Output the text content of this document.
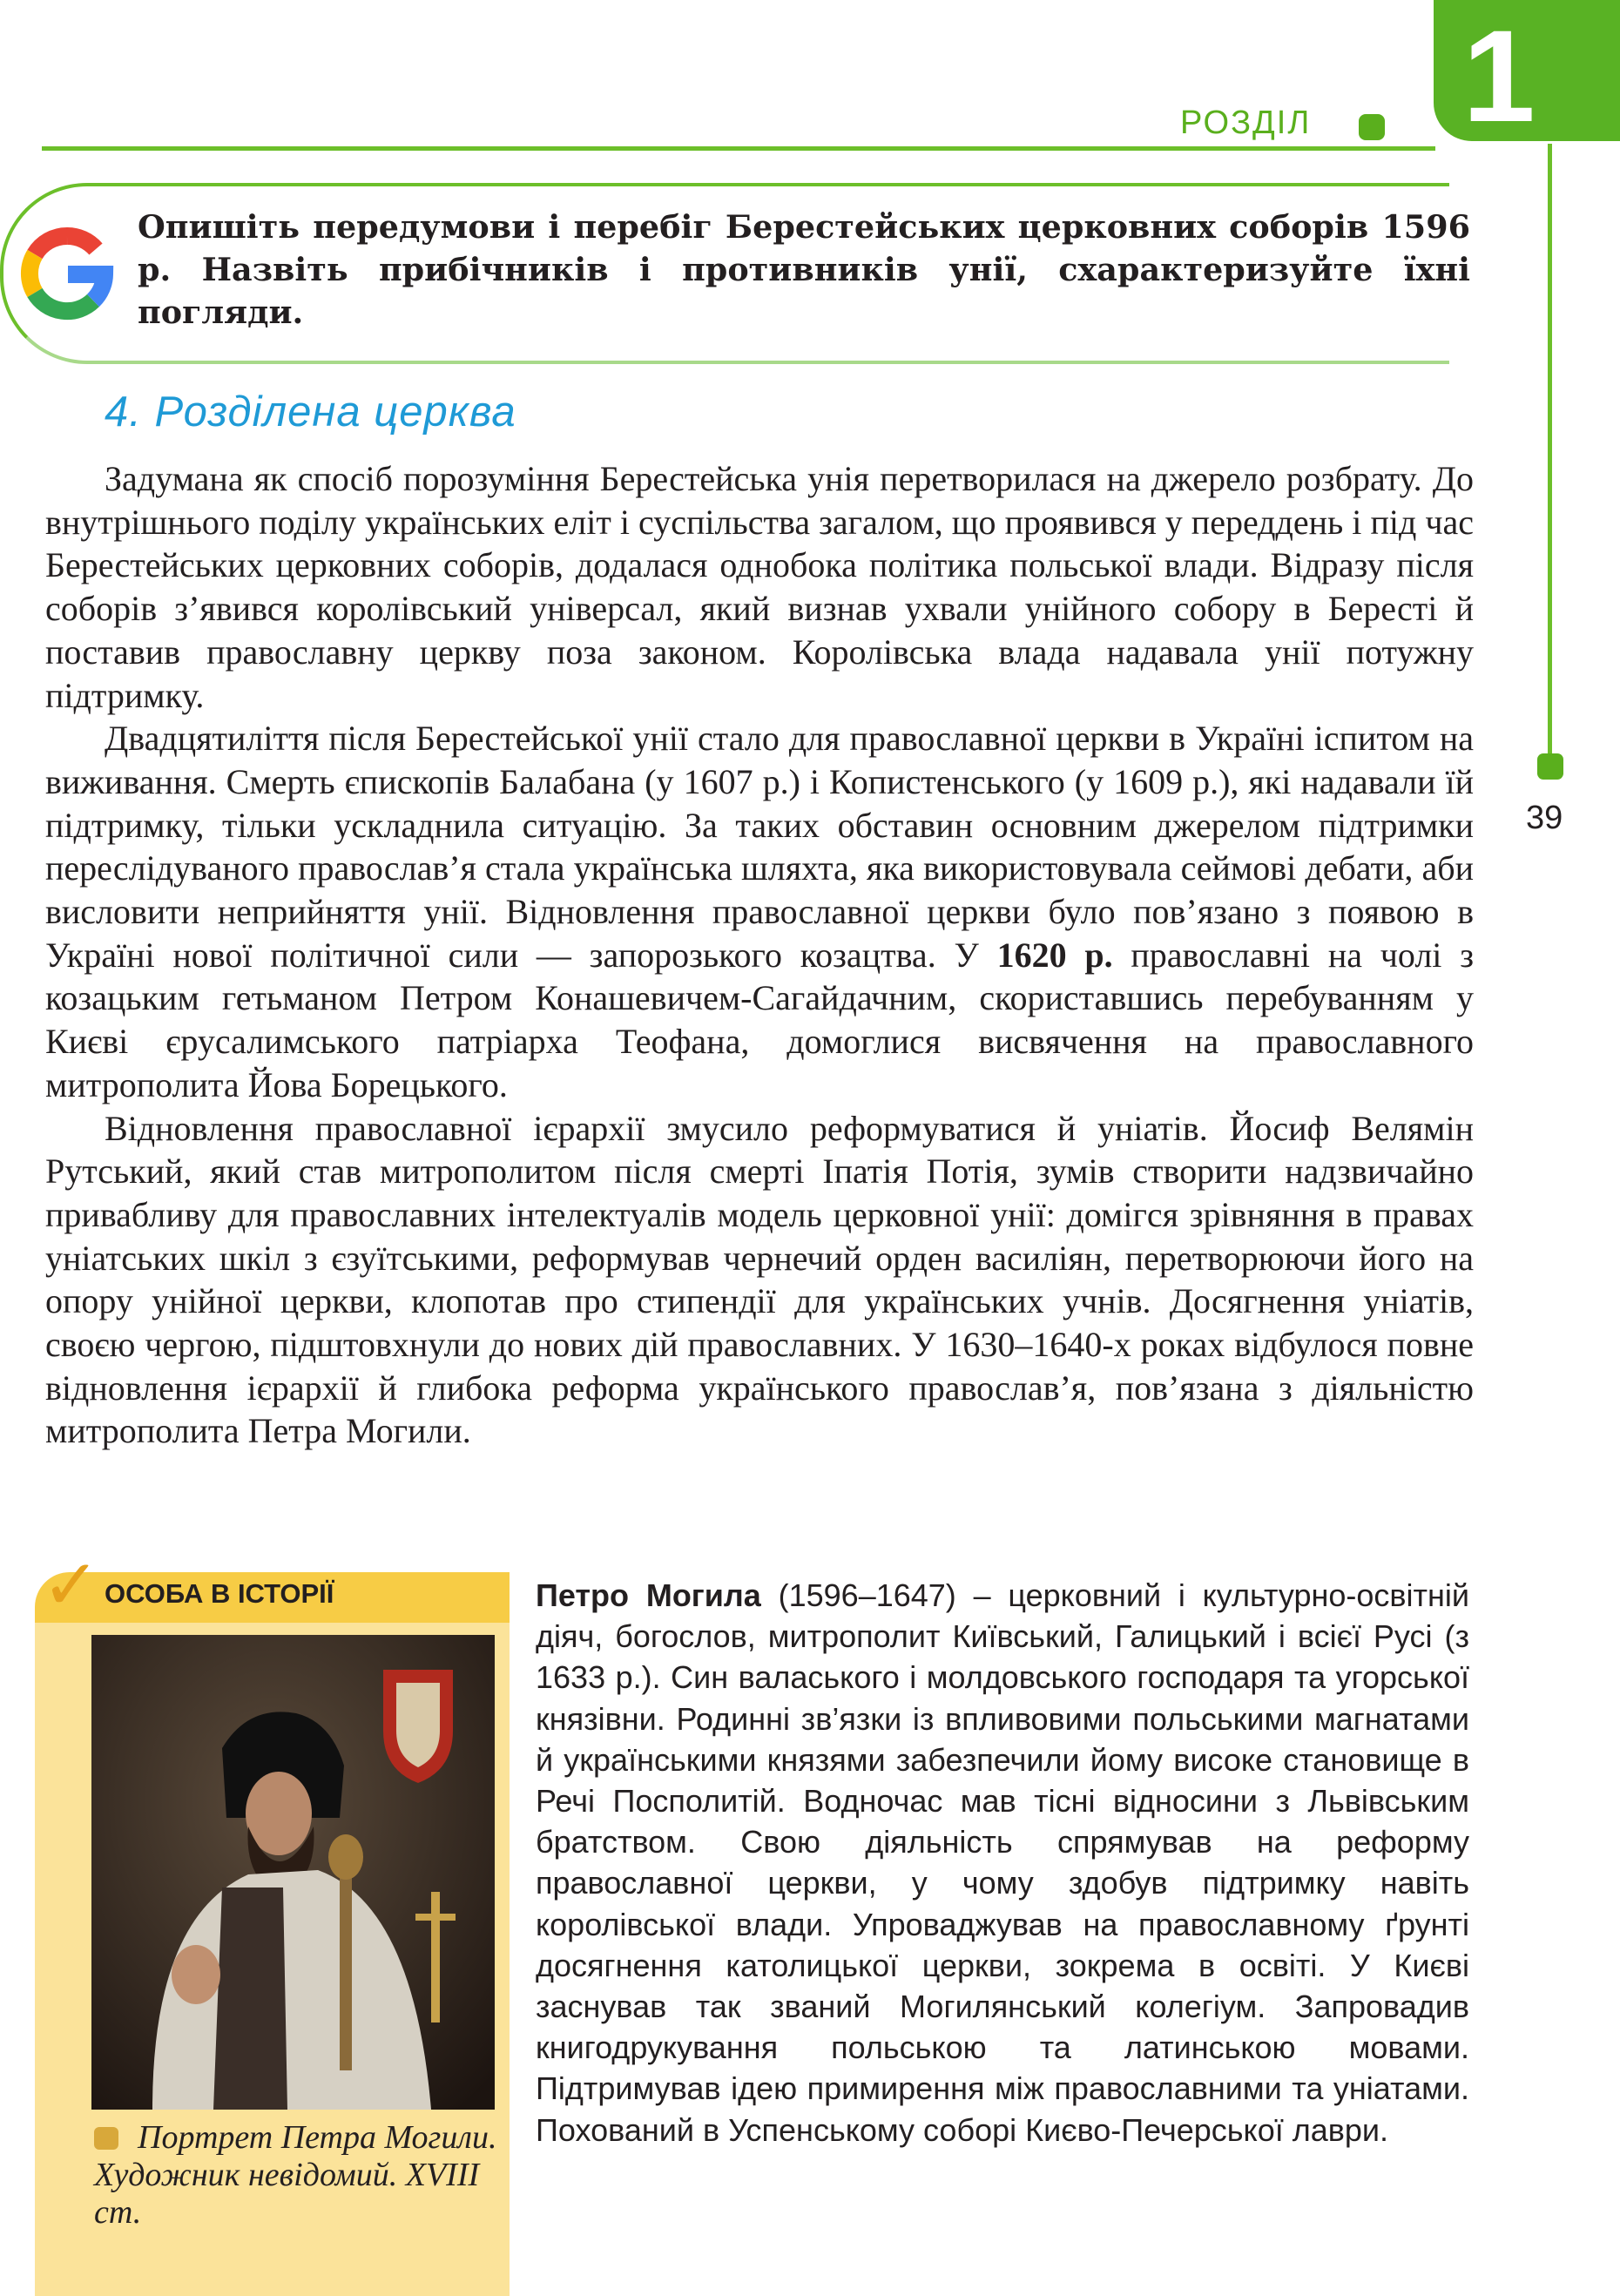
РОЗДІЛ 1
39
Опишіть передумови і перебіг Берестейських церковних соборів 1596 р. Назвіть прибічників і противників унії, схарактеризуйте їхні погляди.
4. Розділена церква

Задумана як спосіб порозуміння Берестейська унія перетворилася на джерело розбрату. До внутрішнього поділу українських еліт і суспільства загалом, що проявився у переддень і під час Берестейських церковних соборів, додалася однобока політика польської влади. Відразу після соборів з’явився королівський універсал, який визнав ухвали унійного собору в Бересті й поставив православну церкву поза законом. Королівська влада надавала унії потужну підтримку.

Двадцятиліття після Берестейської унії стало для православної церкви в Україні іспитом на виживання. Смерть єпископів Балабана (у 1607 р.) і Копистенського (у 1609 р.), які надавали їй підтримку, тільки ускладнила ситуацію. За таких обставин основним джерелом підтримки переслідуваного православ’я стала українська шляхта, яка використовувала сеймові дебати, аби висловити неприйняття унії. Відновлення православної церкви було пов’язано з появою в Україні нової політичної сили — запорозького козацтва. У 1620 р. православні на чолі з козацьким гетьманом Петром Конашевичем-Сагайдачним, скориставшись перебуванням у Києві єрусалимського патріарха Теофана, домоглися висвячення на православного митрополита Йова Борецького.

Відновлення православної ієрархії змусило реформуватися й уніатів. Йосиф Велямін Рутський, який став митрополитом після смерті Іпатія Потія, зумів створити надзвичайно привабливу для православних інтелектуалів модель церковної унії: домігся зрівняння в правах уніатських шкіл з єзуїтськими, реформував чернечий орден василіян, перетворюючи його на опору унійної церкви, клопотав про стипендії для українських учнів. Досягнення уніатів, своєю чергою, підштовхнули до нових дій православних. У 1630–1640-х роках відбулося повне відновлення ієрархії й глибока реформа українського православ’я, пов’язана з діяльністю митрополита Петра Могили.

✓ ОСОБА В ІСТОРІЇ
Портрет Петра Могили. Художник невідомий. XVIII ст.
Петро Могила (1596–1647) – церковний і культурно-освітній діяч, богослов, митрополит Київський, Галицький і всієї Русі (з 1633 р.). Син валаського і молдовського господаря та угорської князівни. Родинні зв’язки із впливовими польськими магнатами й українськими князями забезпечили йому високе становище в Речі Посполитій. Водночас мав тісні відносини з Львівським братством. Свою діяльність спрямував на реформу православної церкви, у чому здобув підтримку навіть королівської влади. Упроваджував на православному ґрунті досягнення католицької церкви, зокрема в освіті. У Києві заснував так званий Могилянський колегіум. Запровадив книгодрукування польською та латинською мовами. Підтримував ідею примирення між православними та уніатами. Похований в Успенському соборі Києво-Печерської лаври.
